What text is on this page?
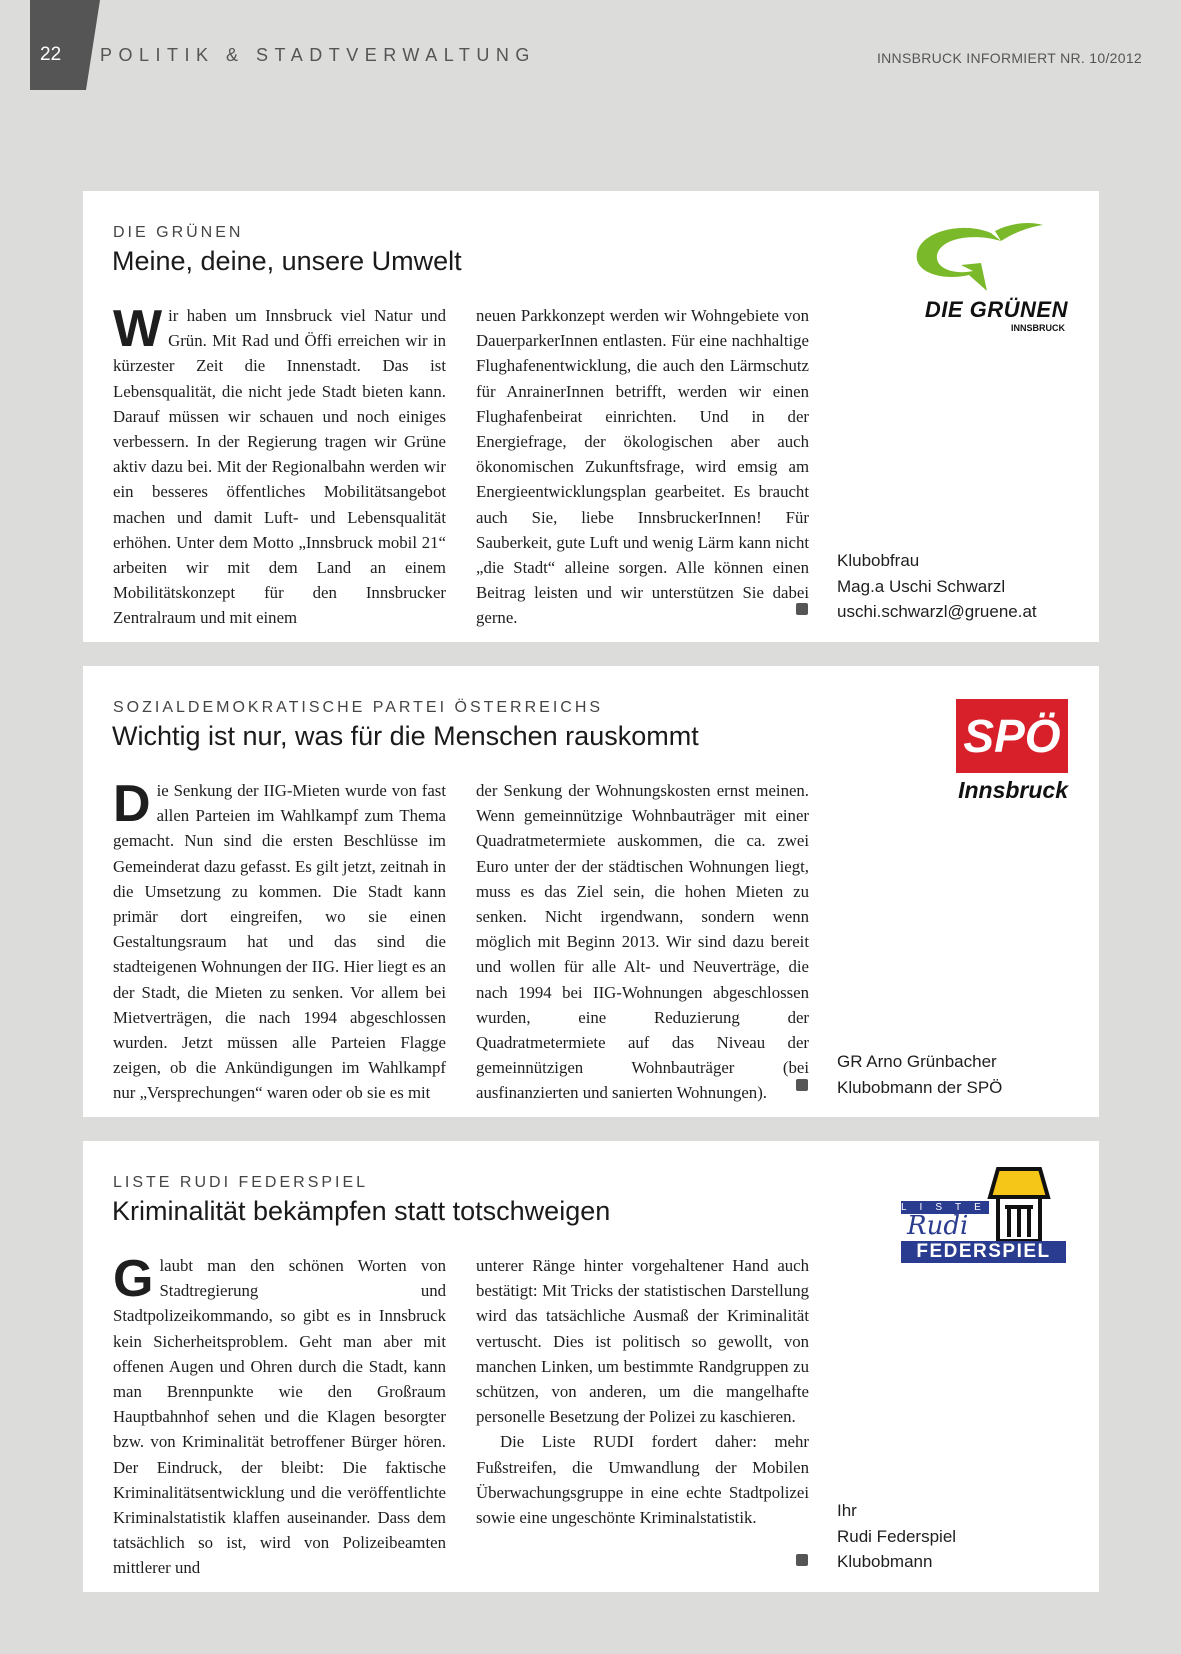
22 POLITIK & STADTVERWALTUNG	INNSBRUCK INFORMIERT NR. 10/2012
DIE GRÜNEN
Meine, deine, unsere Umwelt

Wir haben um Innsbruck viel Natur und Grün. Mit Rad und Öffi erreichen wir in kürzester Zeit die Innenstadt. Das ist Lebensqualität, die nicht jede Stadt bieten kann. Darauf müssen wir schauen und noch einiges verbessern. In der Regierung tragen wir Grüne aktiv dazu bei. Mit der Regionalbahn werden wir ein besseres öffentliches Mobilitätsangebot machen und damit Luft- und Lebensqualität erhöhen. Unter dem Motto „Innsbruck mobil 21“ arbeiten wir mit dem Land an einem Mobilitätskonzept für den Innsbrucker Zentralraum und mit einem

neuen Parkkonzept werden wir Wohngebiete von DauerparkerInnen entlasten. Für eine nachhaltige Flughafenentwicklung, die auch den Lärmschutz für AnrainerInnen betrifft, werden wir einen Flughafenbeirat einrichten. Und in der Energiefrage, der ökologischen aber auch ökonomischen Zukunftsfrage, wird emsig am Energieentwicklungsplan gearbeitet. Es braucht auch Sie, liebe InnsbruckerInnen! Für Sauberkeit, gute Luft und wenig Lärm kann nicht „die Stadt“ alleine sorgen. Alle können einen Beitrag leisten und wir unterstützen Sie dabei gerne.

Klubobfrau
Mag.a Uschi Schwarzl
uschi.schwarzl@gruene.at
DIE GRÜNEN
INNSBRUCK
SOZIALDEMOKRATISCHE PARTEI ÖSTERREICHS
Wichtig ist nur, was für die Menschen rauskommt

Die Senkung der IIG-Mieten wurde von fast allen Parteien im Wahlkampf zum Thema gemacht. Nun sind die ersten Beschlüsse im Gemeinderat dazu gefasst. Es gilt jetzt, zeitnah in die Umsetzung zu kommen. Die Stadt kann primär dort eingreifen, wo sie einen Gestaltungsraum hat und das sind die stadteigenen Wohnungen der IIG. Hier liegt es an der Stadt, die Mieten zu senken. Vor allem bei Mietverträgen, die nach 1994 abgeschlossen wurden. Jetzt müssen alle Parteien Flagge zeigen, ob die Ankündigungen im Wahlkampf nur „Versprechungen“ waren oder ob sie es mit

der Senkung der Wohnungskosten ernst meinen. Wenn gemeinnützige Wohnbauträger mit einer Quadratmetermiete auskommen, die ca. zwei Euro unter der der städtischen Wohnungen liegt, muss es das Ziel sein, die hohen Mieten zu senken. Nicht irgendwann, sondern wenn möglich mit Beginn 2013. Wir sind dazu bereit und wollen für alle Alt- und Neuverträge, die nach 1994 bei IIG-Wohnungen abgeschlossen wurden, eine Reduzierung der Quadratmetermiete auf das Niveau der gemeinnützigen Wohnbauträger (bei ausfinanzierten und sanierten Wohnungen).

GR Arno Grünbacher
Klubobmann der SPÖ
SPÖ
Innsbruck
LISTE RUDI FEDERSPIEL
Kriminalität bekämpfen statt totschweigen

Glaubt man den schönen Worten von Stadtregierung und Stadtpolizeikommando, so gibt es in Innsbruck kein Sicherheitsproblem. Geht man aber mit offenen Augen und Ohren durch die Stadt, kann man Brennpunkte wie den Großraum Hauptbahnhof sehen und die Klagen besorgter bzw. von Kriminalität betroffener Bürger hören. Der Eindruck, der bleibt: Die faktische Kriminalitätsentwicklung und die veröffentlichte Kriminalstatistik klaffen auseinander. Dass dem tatsächlich so ist, wird von Polizeibeamten mittlerer und

unterer Ränge hinter vorgehaltener Hand auch bestätigt: Mit Tricks der statistischen Darstellung wird das tatsächliche Ausmaß der Kriminalität vertuscht. Dies ist politisch so gewollt, von manchen Linken, um bestimmte Randgruppen zu schützen, von anderen, um die mangelhafte personelle Besetzung der Polizei zu kaschieren.
Die Liste RUDI fordert daher: mehr Fußstreifen, die Umwandlung der Mobilen Überwachungsgruppe in eine echte Stadtpolizei sowie eine ungeschönte Kriminalstatistik.	Ihr
Rudi Federspiel
Klubobmann
LISTE
Rudi
FEDERSPIEL
